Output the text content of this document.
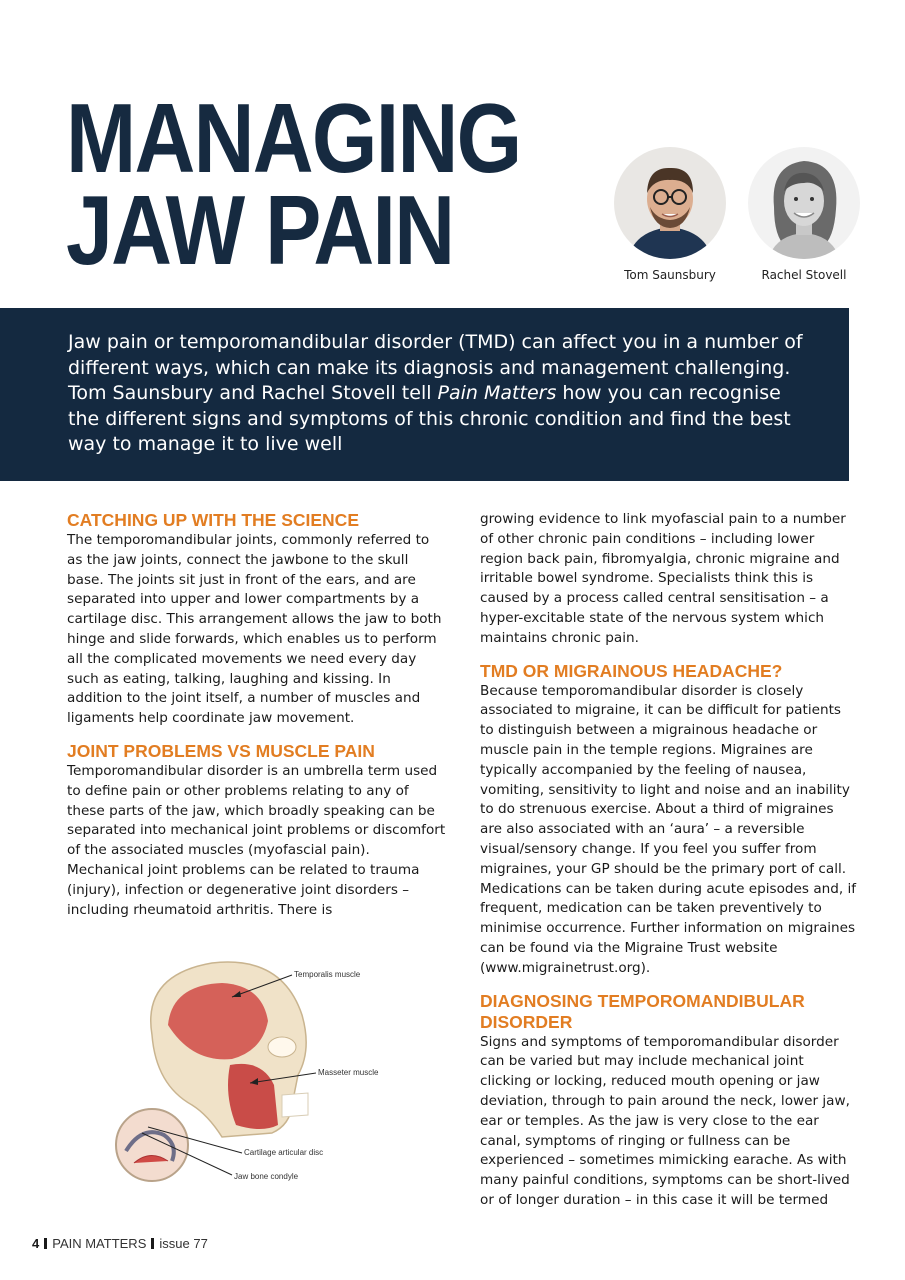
MANAGING
JAW PAIN	Tom Saunsbury	Rachel Stovell

Jaw pain or temporomandibular disorder (TMD) can affect you in a number of different ways, which can make its diagnosis and management challenging. Tom Saunsbury and Rachel Stovell tell Pain Matters how you can recognise the different signs and symptoms of this chronic condition and find the best way to manage it to live well

CATCHING UP WITH THE SCIENCE

The temporomandibular joints, commonly referred to as the jaw joints, connect the jawbone to the skull base. The joints sit just in front of the ears, and are separated into upper and lower compartments by a cartilage disc. This arrangement allows the jaw to both hinge and slide forwards, which enables us to perform all the complicated movements we need every day such as eating, talking, laughing and kissing. In addition to the joint itself, a number of muscles and ligaments help coordinate jaw movement.

JOINT PROBLEMS VS MUSCLE PAIN

Temporomandibular disorder is an umbrella term used to define pain or other problems relating to any of these parts of the jaw, which broadly speaking can be separated into mechanical joint problems or discomfort of the associated muscles (myofascial pain). Mechanical joint problems can be related to trauma (injury), infection or degenerative joint disorders – including rheumatoid arthritis. There is

growing evidence to link myofascial pain to a number of other chronic pain conditions – including lower region back pain, fibromyalgia, chronic migraine and irritable bowel syndrome. Specialists think this is caused by a process called central sensitisation – a hyper-excitable state of the nervous system which maintains chronic pain.

TMD OR MIGRAINOUS HEADACHE?

Because temporomandibular disorder is closely associated to migraine, it can be difficult for patients to distinguish between a migrainous headache or muscle pain in the temple regions. Migraines are typically accompanied by the feeling of nausea, vomiting, sensitivity to light and noise and an inability to do strenuous exercise. About a third of migraines are also associated with an ‘aura’ – a reversible visual/sensory change. If you feel you suffer from migraines, your GP should be the primary port of call. Medications can be taken during acute episodes and, if frequent, medication can be taken preventively to minimise occurrence. Further information on migraines can be found via the Migraine Trust website (www.migrainetrust.org).

DIAGNOSING TEMPOROMANDIBULAR DISORDER

Signs and symptoms of temporomandibular disorder can be varied but may include mechanical joint clicking or locking, reduced mouth opening or jaw deviation, through to pain around the neck, lower jaw, ear or temples. As the jaw is very close to the ear canal, symptoms of ringing or fullness can be experienced – sometimes mimicking earache. As with many painful conditions, symptoms can be short-lived or of longer duration – in this case it will be termed

Temporalis muscle
Masseter muscle
Cartilage articular disc
Jaw bone condyle
4 PAIN MATTERS issue 77
